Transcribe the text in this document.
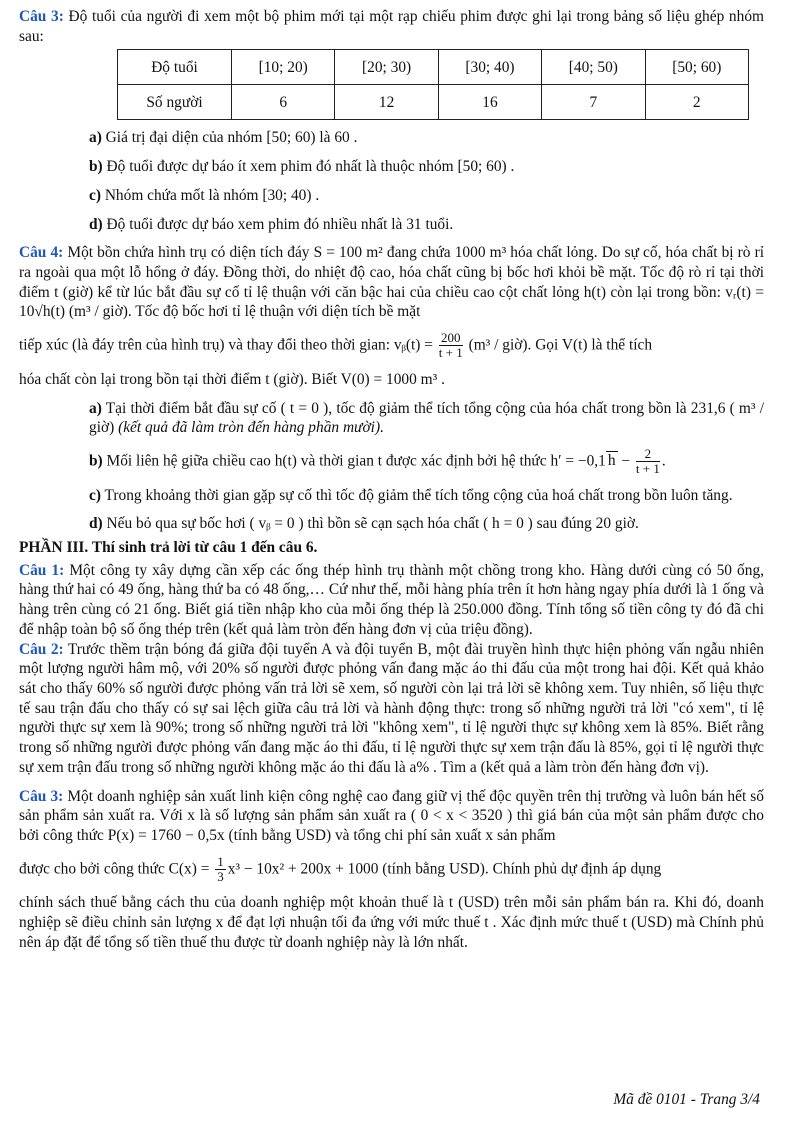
Câu 3: Độ tuổi của người đi xem một bộ phim mới tại một rạp chiếu phim được ghi lại trong bảng số liệu ghép nhóm sau:

Độ tuổi	[10; 20)	[20; 30)	[30; 40)	[40; 50)	[50; 60)
Số người	6	12	16	7	2

a) Giá trị đại diện của nhóm [50; 60) là 60 .

b) Độ tuổi được dự báo ít xem phim đó nhất là thuộc nhóm [50; 60) .

c) Nhóm chứa mốt là nhóm [30; 40) .

d) Độ tuổi được dự báo xem phim đó nhiều nhất là 31 tuổi.

Câu 4: Một bồn chứa hình trụ có diện tích đáy S = 100 m² đang chứa 1000 m³ hóa chất lỏng. Do sự cố, hóa chất bị rò rỉ ra ngoài qua một lỗ hổng ở đáy. Đồng thời, do nhiệt độ cao, hóa chất cũng bị bốc hơi khỏi bề mặt. Tốc độ rò rỉ tại thời điểm t (giờ) kể từ lúc bắt đầu sự cố tỉ lệ thuận với căn bậc hai của chiều cao cột chất lỏng h(t) còn lại trong bồn: vᵣ(t) = 10√h(t) (m³ / giờ). Tốc độ bốc hơi tỉ lệ thuận với diện tích bề mặt

tiếp xúc (là đáy trên của hình trụ) và thay đổi theo thời gian: vᵦ(t) = $\frac{200}{t + 1} (m^3$ / giờ). Gọi V(t) là thể tích

hóa chất còn lại trong bồn tại thời điểm t (giờ). Biết V(0) = 1000 m³ .

a) Tại thời điểm bắt đầu sự cố ( t = 0 ), tốc độ giảm thể tích tổng cộng của hóa chất trong bồn là 231,6 ( m³ / giờ) (kết quả đã làm tròn đến hàng phần mười).

b) Mối liên hệ giữa chiều cao h(t) và thời gian t được xác định bởi hệ thức h′ = −0,1 $h - \frac{2}{t + 1}$ .

c) Trong khoảng thời gian gặp sự cố thì tốc độ giảm thể tích tổng cộng của hoá chất trong bồn luôn tăng.

d) Nếu bỏ qua sự bốc hơi ( vᵦ = 0 ) thì bồn sẽ cạn sạch hóa chất ( h = 0 ) sau đúng 20 giờ.

PHẦN III. Thí sinh trả lời từ câu 1 đến câu 6.

Câu 1: Một công ty xây dựng cần xếp các ống thép hình trụ thành một chồng trong kho. Hàng dưới cùng có 50 ống, hàng thứ hai có 49 ống, hàng thứ ba có 48 ống,… Cứ như thế, mỗi hàng phía trên ít hơn hàng ngay phía dưới là 1 ống và hàng trên cùng có 21 ống. Biết giá tiền nhập kho của mỗi ống thép là 250.000 đồng. Tính tổng số tiền công ty đó đã chi để nhập toàn bộ số ống thép trên (kết quả làm tròn đến hàng đơn vị của triệu đồng).

Câu 2: Trước thềm trận bóng đá giữa đội tuyển A và đội tuyển B, một đài truyền hình thực hiện phỏng vấn ngẫu nhiên một lượng người hâm mộ, với 20% số người được phỏng vấn đang mặc áo thi đấu của một trong hai đội. Kết quả khảo sát cho thấy 60% số người được phỏng vấn trả lời sẽ xem, số người còn lại trả lời sẽ không xem. Tuy nhiên, số liệu thực tế sau trận đấu cho thấy có sự sai lệch giữa câu trả lời và hành động thực: trong số những người trả lời "có xem", tỉ lệ người thực sự xem là 90%; trong số những người trả lời "không xem", tỉ lệ người thực sự không xem là 85%. Biết rằng trong số những người được phỏng vấn đang mặc áo thi đấu, tỉ lệ người thực sự xem trận đấu là 85%, gọi tỉ lệ người thực sự xem trận đấu trong số những người không mặc áo thi đấu là a% . Tìm a (kết quả a làm tròn đến hàng đơn vị).

Câu 3: Một doanh nghiệp sản xuất linh kiện công nghệ cao đang giữ vị thế độc quyền trên thị trường và luôn bán hết số sản phẩm sản xuất ra. Với x là số lượng sản phẩm sản xuất ra ( 0 < x < 3520 ) thì giá bán của một sản phẩm được cho bởi công thức P(x) = 1760 − 0,5x (tính bằng USD) và tổng chi phí sản xuất x sản phẩm

được cho bởi công thức $C(x) = \frac{1}{3} x^3 - 10x^2 + 200x + 1000$ (tính bằng USD). Chính phủ dự định áp dụng

chính sách thuế bằng cách thu của doanh nghiệp một khoản thuế là t (USD) trên mỗi sản phẩm bán ra. Khi đó, doanh nghiệp sẽ điều chỉnh sản lượng x để đạt lợi nhuận tối đa ứng với mức thuế t . Xác định mức thuế t (USD) mà Chính phủ nên áp đặt để tổng số tiền thuế thu được từ doanh nghiệp này là lớn nhất.

Mã đề 0101 - Trang 3/4
